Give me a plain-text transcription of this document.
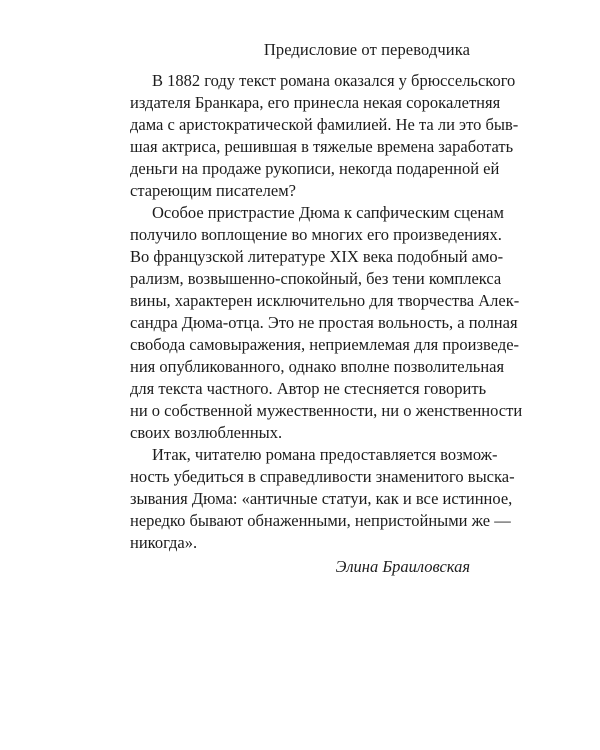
Предисловие от переводчика

В 1882 году текст романа оказался у брюссельского
издателя Бранкара, его принесла некая сорокалетняя
дама с аристократической фамилией. Не та ли это быв-
шая актриса, решившая в тяжелые времена заработать
деньги на продаже рукописи, некогда подаренной ей
стареющим писателем?

Особое пристрастие Дюма к сапфическим сценам
получило воплощение во многих его произведениях.
Во французской литературе XIX века подобный амо-
рализм, возвышенно-спокойный, без тени комплекса
вины, характерен исключительно для творчества Алек-
сандра Дюма-отца. Это не простая вольность, а полная
свобода самовыражения, неприемлемая для произведе-
ния опубликованного, однако вполне позволительная
для текста частного. Автор не стесняется говорить
ни о собственной мужественности, ни о женственности
своих возлюбленных.

Итак, читателю романа предоставляется возмож-
ность убедиться в справедливости знаменитого выска-
зывания Дюма: «античные статуи, как и все истинное,
нередко бывают обнаженными, непристойными же —
никогда».

Элина Браиловская
